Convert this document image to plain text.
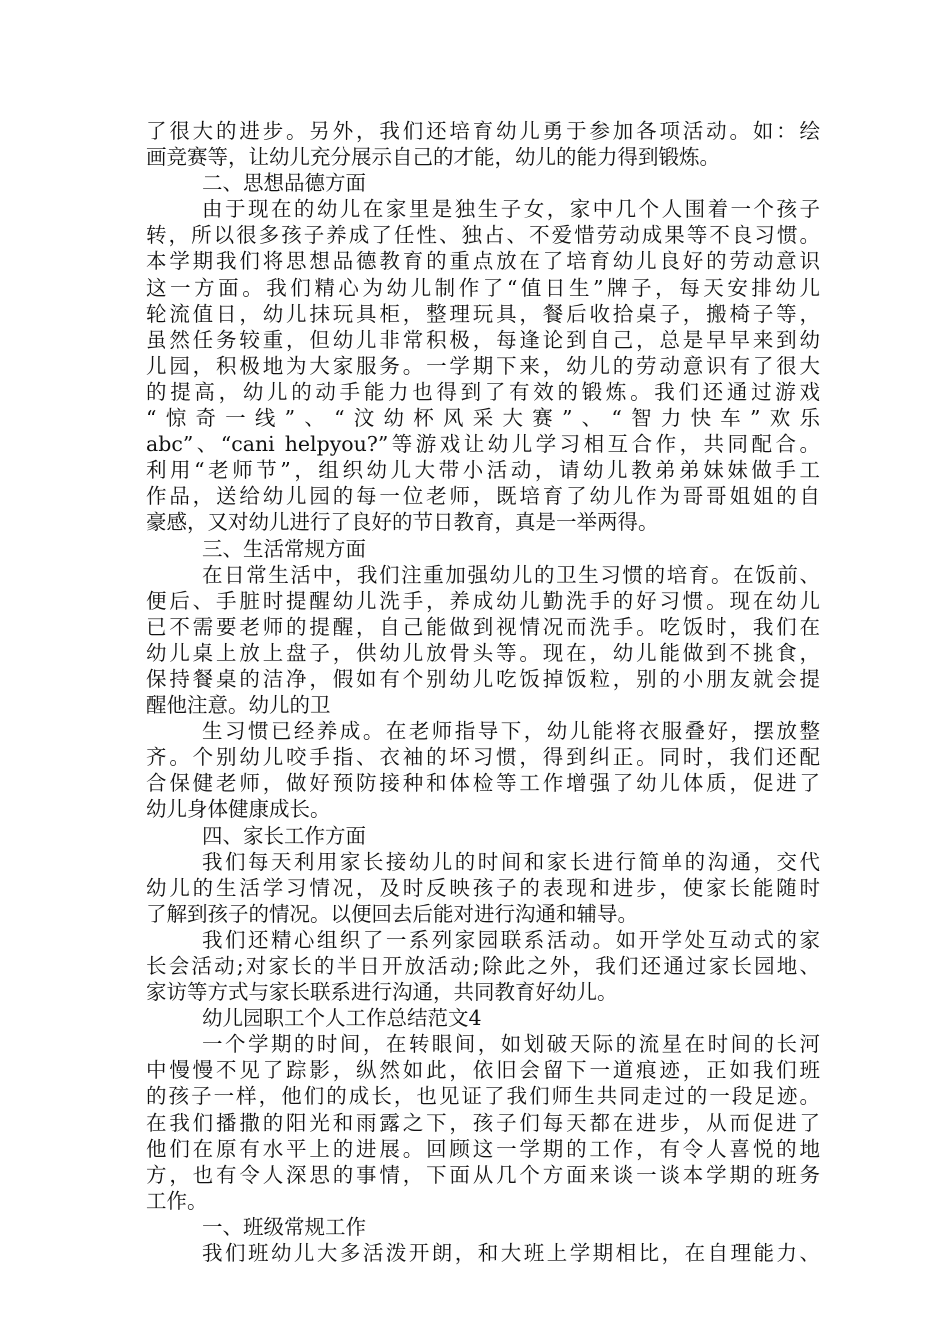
了很大的进步。另外，我们还培育幼儿勇于参加各项活动。如：绘
画竞赛等，让幼儿充分展示自己的才能，幼儿的能力得到锻炼。
二、思想品德方面
由于现在的幼儿在家里是独生子女，家中几个人围着一个孩子
转，所以很多孩子养成了任性、独占、不爱惜劳动成果等不良习惯。
本学期我们将思想品德教育的重点放在了培育幼儿良好的劳动意识
这一方面。我们精心为幼儿制作了“值日生”牌子，每天安排幼儿
轮流值日，幼儿抹玩具柜，整理玩具，餐后收拾桌子，搬椅子等，
虽然任务较重，但幼儿非常积极，每逢论到自己，总是早早来到幼
儿园，积极地为大家服务。一学期下来，幼儿的劳动意识有了很大
的提高，幼儿的动手能力也得到了有效的锻炼。我们还通过游戏
“惊奇一线”、“汶幼杯风采大赛”、“智力快车”欢乐
abc”、“cani helpyou?”等游戏让幼儿学习相互合作，共同配合。
利用“老师节”，组织幼儿大带小活动，请幼儿教弟弟妹妹做手工
作品，送给幼儿园的每一位老师，既培育了幼儿作为哥哥姐姐的自
豪感，又对幼儿进行了良好的节日教育，真是一举两得。
三、生活常规方面
在日常生活中，我们注重加强幼儿的卫生习惯的培育。在饭前、
便后、手脏时提醒幼儿洗手，养成幼儿勤洗手的好习惯。现在幼儿
已不需要老师的提醒，自己能做到视情况而洗手。吃饭时，我们在
幼儿桌上放上盘子，供幼儿放骨头等。现在，幼儿能做到不挑食，
保持餐桌的洁净，假如有个别幼儿吃饭掉饭粒，别的小朋友就会提
醒他注意。幼儿的卫
生习惯已经养成。在老师指导下，幼儿能将衣服叠好，摆放整
齐。个别幼儿咬手指、衣袖的坏习惯，得到纠正。同时，我们还配
合保健老师，做好预防接种和体检等工作增强了幼儿体质，促进了
幼儿身体健康成长。
四、家长工作方面
我们每天利用家长接幼儿的时间和家长进行简单的沟通，交代
幼儿的生活学习情况，及时反映孩子的表现和进步，使家长能随时
了解到孩子的情况。以便回去后能对进行沟通和辅导。
我们还精心组织了一系列家园联系活动。如开学处互动式的家
长会活动;对家长的半日开放活动;除此之外，我们还通过家长园地、
家访等方式与家长联系进行沟通，共同教育好幼儿。
幼儿园职工个人工作总结范文4
一个学期的时间，在转眼间，如划破天际的流星在时间的长河
中慢慢不见了踪影，纵然如此，依旧会留下一道痕迹，正如我们班
的孩子一样，他们的成长，也见证了我们师生共同走过的一段足迹。
在我们播撒的阳光和雨露之下，孩子们每天都在进步，从而促进了
他们在原有水平上的进展。回顾这一学期的工作，有令人喜悦的地
方，也有令人深思的事情，下面从几个方面来谈一谈本学期的班务
工作。
一、班级常规工作
我们班幼儿大多活泼开朗，和大班上学期相比，在自理能力、
